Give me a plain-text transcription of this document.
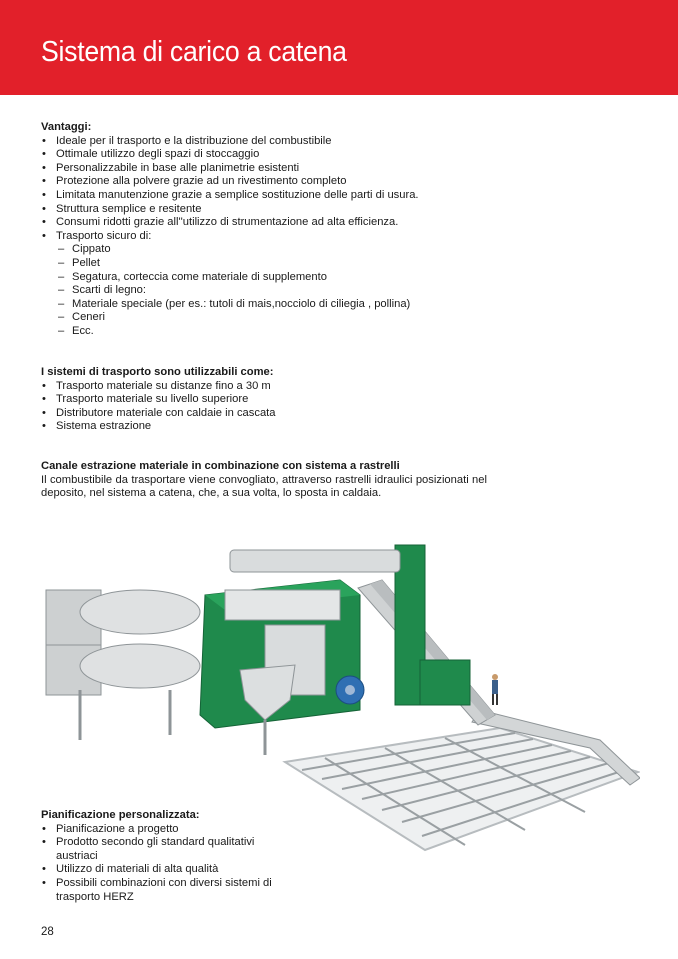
Sistema di carico a catena
Vantaggi:
• Ideale per il trasporto e la distribuzione del combustibile
• Ottimale utilizzo degli spazi di stoccaggio
• Personalizzabile in base alle planimetrie esistenti
• Protezione alla polvere grazie ad un rivestimento completo
• Limitata manutenzione grazie a semplice sostituzione delle parti di usura.
• Struttura semplice e resitente
• Consumi ridotti grazie all''utilizzo di strumentazione ad alta efficienza.
• Trasporto sicuro di:
– Cippato
– Pellet
– Segatura, corteccia come materiale di supplemento
– Scarti di legno:
– Materiale speciale (per es.: tutoli di mais,nocciolo di ciliegia , pollina)
– Ceneri
– Ecc.
I sistemi di trasporto sono utilizzabili come:
• Trasporto materiale su distanze fino a 30 m
• Trasporto materiale su livello superiore
• Distributore materiale con caldaie in cascata
• Sistema estrazione
Canale estrazione materiale in combinazione con sistema a rastrelli

Il combustibile da trasportare viene convogliato, attraverso rastrelli idraulici posizionati nel deposito, nel sistema a catena, che, a sua volta, lo sposta in caldaia.

Pianificazione personalizzata:
• Pianificazione a progetto
• Prodotto secondo gli standard qualitativi austriaci
• Utilizzo di materiali di alta qualità
• Possibili combinazioni con diversi sistemi di trasporto HERZ
28
